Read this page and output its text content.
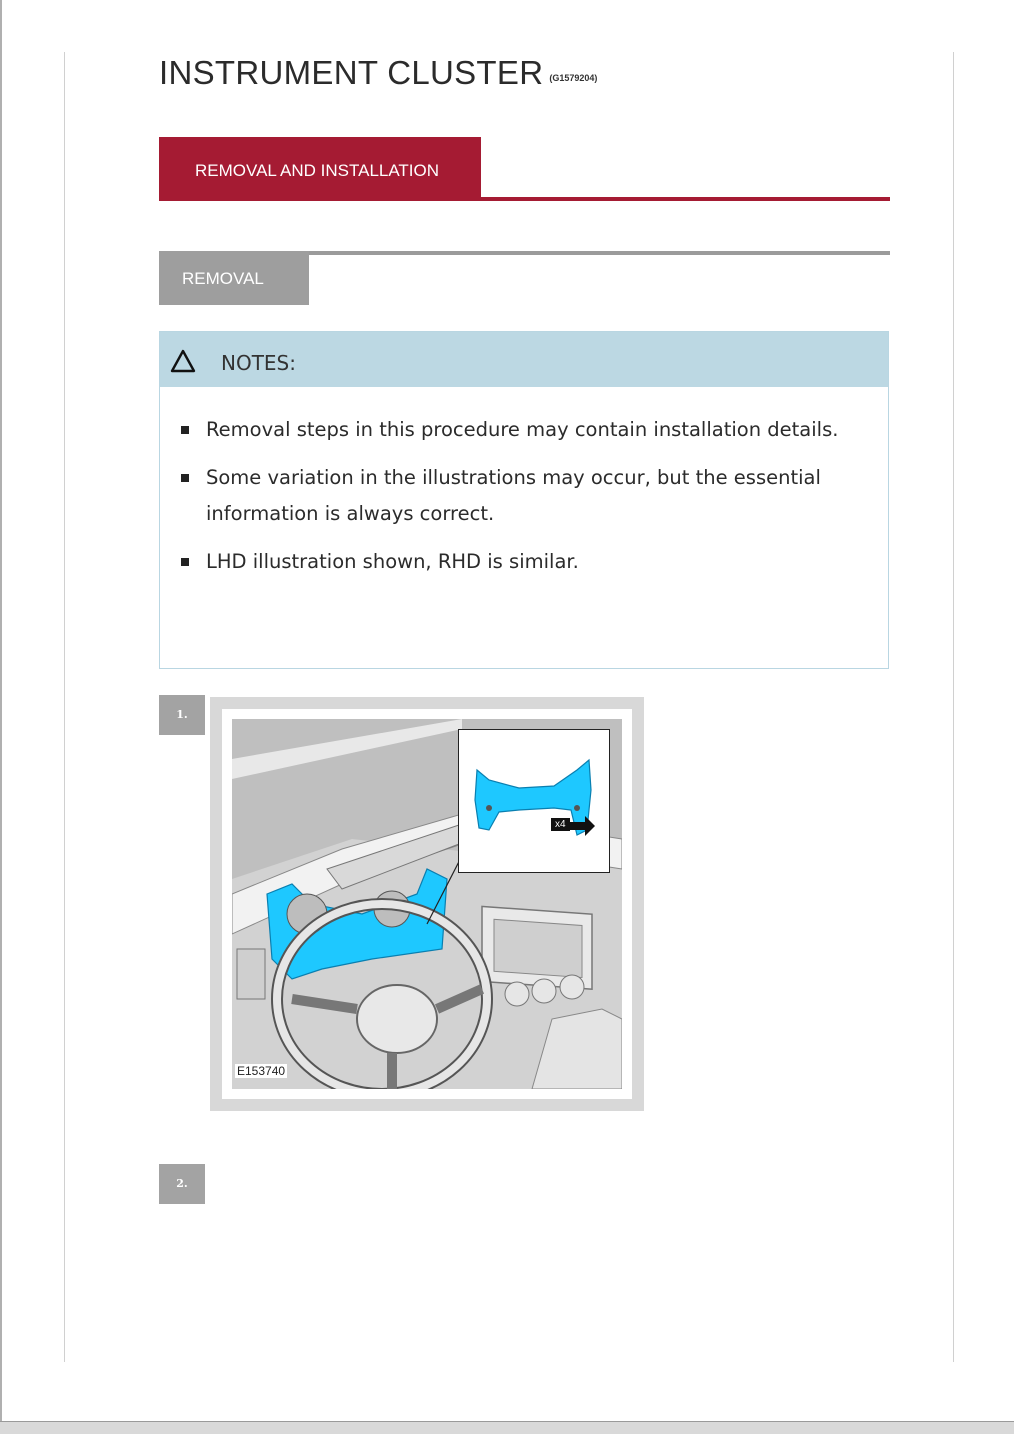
INSTRUMENT CLUSTER (G1579204)
REMOVAL AND INSTALLATION
REMOVAL
NOTES:
Removal steps in this procedure may contain installation details.
Some variation in the illustrations may occur, but the essential information is always correct.
LHD illustration shown, RHD is similar.
1.
x4
E153740
2.
